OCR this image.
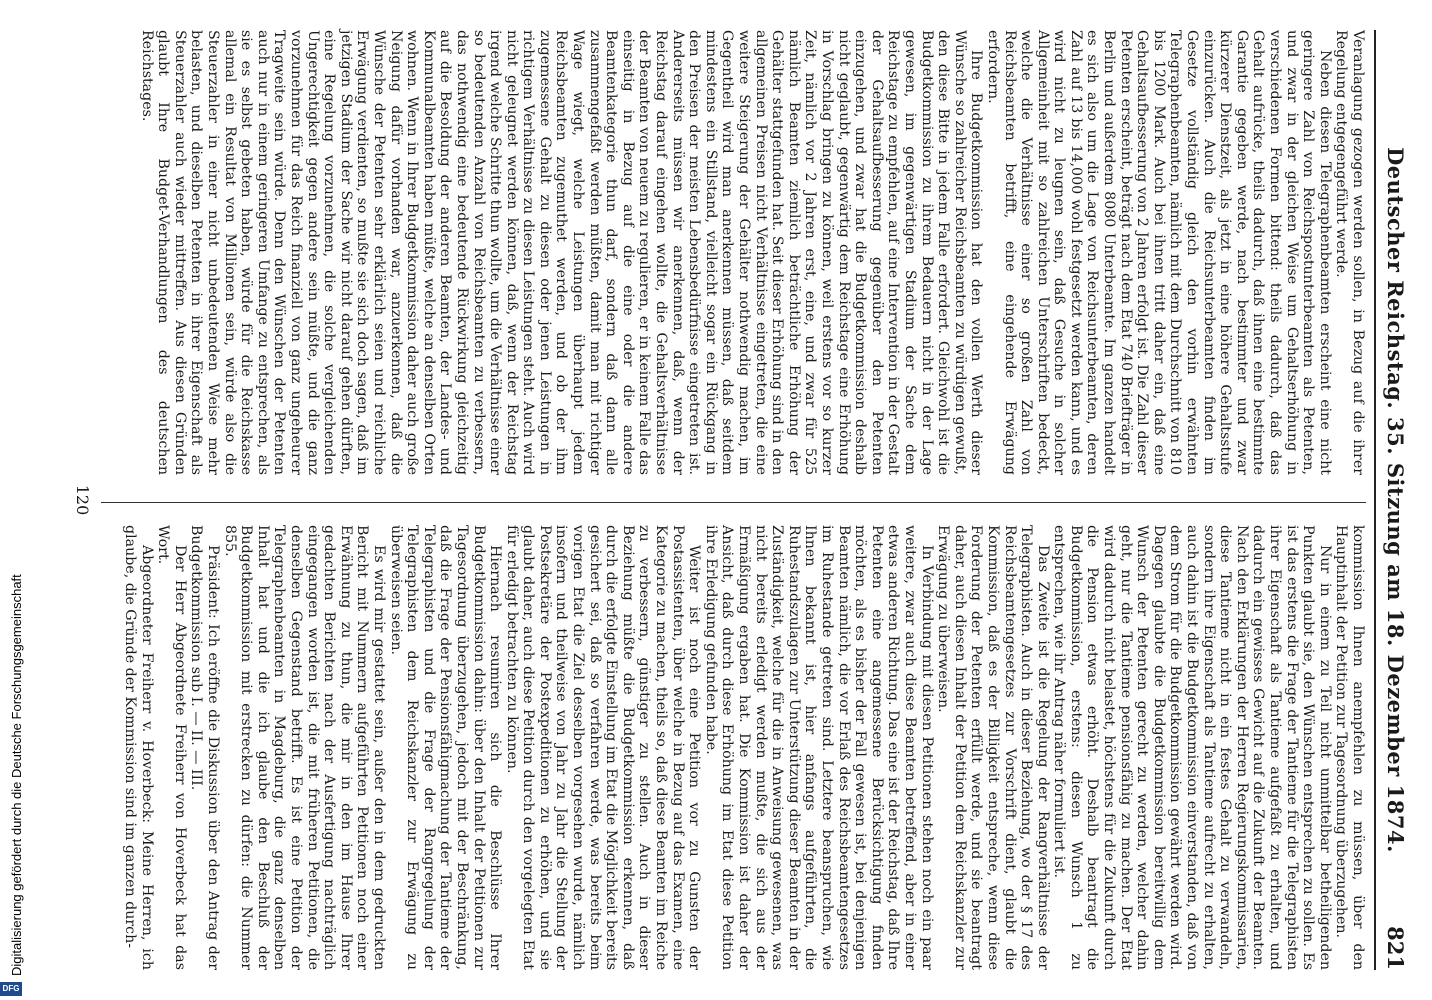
Deutscher Reichstag. 35. Sitzung am 18. Dezember 1874.
821

Veranlagung gezogen werden sollen, in Bezug auf die ihrer Regelung entgegengeführt werde.

Neben diesen Telegraphenbeamten erscheint eine nicht geringere Zahl von Reichspostunterbeamten als Petenten, und zwar in der gleichen Weise um Gehaltserhöhung in verschiedenen Formen bittend: theils dadurch, daß das Gehalt aufrücke, theils dadurch, daß ihnen eine bestimmte Garantie gegeben werde, nach bestimmter und zwar kürzerer Dienstzeit, als jetzt in eine höhere Gehaltsstufe einzurücken. Auch die Reichsunterbeamten finden im Gesetze vollständig gleich den vorhin erwähnten Telegraphenbeamten, nämlich mit dem Durchschnitt von 810 bis 1200 Mark. Auch bei ihnen tritt daher ein, daß eine Gehaltsaufbesserung von 2 Jahren erfolgt ist. Die Zahl dieser Petenten erscheint, beträgt nach dem Etat 740 Briefträger in Berlin und außerdem 8080 Unterbeamte. Im ganzen handelt es sich also um die Lage von Reichsunterbeamten, deren Zahl auf 13 bis 14,000 wohl festgesetzt werden kann, und es wird nicht zu leugnen sein, daß Gesuche in solcher Allgemeinheit mit so zahlreichen Unterschriften bedeckt, welche die Verhältnisse einer so großen Zahl von Reichsbeamten betrifft, eine eingehende Erwägung erfordern.

Ihre Budgetkommission hat den vollen Werth dieser Wünsche so zahlreicher Reichsbeamten zu würdigen gewußt, den diese Bitte in jedem Falle erfordert. Gleichwohl ist die Budgetkommission zu ihrem Bedauern nicht in der Lage gewesen, im gegenwärtigen Stadium der Sache dem Reichstage zu empfehlen, auf eine Intervention in der Gestalt der Gehaltsaufbesserung gegenüber den Petenten einzugehen, und zwar hat die Budgetkommission deshalb nicht geglaubt, gegenwärtig dem Reichstage eine Erhöhung in Vorschlag bringen zu können, weil erstens vor so kurzer Zeit, nämlich vor 2 Jahren erst, eine, und zwar für 525 nämlich Beamten ziemlich beträchtliche Erhöhung der Gehälter stattgefunden hat. Seit dieser Erhöhung sind in den allgemeinen Preisen nicht Verhältnisse eingetreten, die eine weitere Steigerung der Gehälter nothwendig machen, im Gegentheil wird man anerkennen müssen, daß seitdem mindestens ein Stillstand, vielleicht sogar ein Rückgang in den Preisen der meisten Lebensbedürfnisse eingetreten ist. Andererseits müssen wir anerkennen, daß, wenn der Reichstag darauf eingehen wollte, die Gehaltsverhältnisse der Beamten von neuem zu regulieren, er in keinem Falle das einseitig in Bezug auf die eine oder die andere Beamtenkategorie thun darf, sondern daß dann alle zusammengefaßt werden müßten, damit man mit richtiger Wage wiegt, welche Leistungen überhaupt jedem Reichsbeamten zugemuthet werden, und ob der ihm zugemessene Gehalt zu diesen oder jenen Leistungen in richtigem Verhältnisse zu diesen Leistungen steht. Auch wird nicht geleugnet werden können, daß, wenn der Reichstag irgend welche Schritte thun wollte, um die Verhältnisse einer so bedeutenden Anzahl von Reichsbeamten zu verbessern, das nothwendig eine bedeutende Rückwirkung gleichzeitig auf die Besoldung der anderen Beamten, der Landes- und Kommunalbeamten haben müßte, welche an denselben Orten wohnen. Wenn in Ihrer Budgetkommission daher auch große Neigung dafür vorhanden war, anzuerkennen, daß die Wünsche der Petenten sehr erklärlich seien und reichliche Erwägung verdienten, so mußte sie sich doch sagen, daß im jetzigen Stadium der Sache wir nicht darauf gehen dürften, eine Regelung vorzunehmen, die solche vergleichenden Ungerechtigkeit gegen andere sein müßte, und die ganz vorzunehmen für das Reich finanziell von ganz ungeheurer Tragweite sein würde. Denn den Wünschen der Petenten auch nur in einem geringeren Umfange zu entsprechen, als sie es selbst gebeten haben, würde für die Reichskasse allemal ein Resultat von Millionen sein, würde also die Steuerzahler in einer nicht unbedeutenden Weise mehr belasten, und dieselben Petenten in ihrer Eigenschaft als Steuerzahler auch wieder mittreffen. Aus diesen Gründen glaubt Ihre Budget-Verhandlungen des deutschen Reichstages.

kommission Ihnen anempfehlen zu müssen, über den Hauptinhalt der Petition zur Tagesordnung überzugehen.

Nur in einem zu Teil nicht unmittelbar betheiligenden Punkten glaubt sie, den Wünschen entsprechen zu sollen. Es ist das erstens die Frage der Tantieme für die Telegraphisten ihrer Eigenschaft als Tantieme aufgefaßt zu erhalten, und dadurch ein gewisses Gewicht auf die Zukunft der Beamten. Nach den Erklärungen der Herren Regierungskommissarien, diese Tantieme nicht in ein festes Gehalt zu verwandeln, sondern ihre Eigenschaft als Tantieme aufrecht zu erhalten, auch dahin ist die Budgetkommission einverstanden, daß von dem Strom für die Budgetkommission gewährt werden wird. Dagegen glaubte die Budgetkommission bereitwillig dem Wunsch der Petenten gerecht zu werden, welcher dahin geht, nur die Tantieme pensionsfähig zu machen. Der Etat wird dadurch nicht belastet, höchstens für die Zukunft durch die Pension etwas erhöht. Deshalb beantragt die Budgetkommission, erstens: diesen Wunsch 1 zu entsprechen, wie ihr Antrag näher formuliert ist.

Das Zweite ist die Regelung der Rangverhältnisse der Telegraphisten. Auch in dieser Beziehung, wo der § 17 des Reichsbeamtengesetzes zur Vorschrift dient, glaubt die Kommission, daß es der Billigkeit entspreche, wenn diese Forderung der Petenten erfüllt werde, und sie beantragt daher, auch diesen Inhalt der Petition dem Reichskanzler zur Erwägung zu überweisen.

In Verbindung mit diesen Petitionen stehen noch ein paar weitere, zwar auch diese Beamten betreffend, aber in einer etwas anderen Richtung. Das eine ist der Reichstag, daß Ihre Petenten eine angemessene Berücksichtigung finden möchten, als es bisher der Fall gewesen ist, bei denjenigen Beamten nämlich, die vor Erlaß des Reichsbeamtengesetzes im Ruhestande getreten sind. Letztere beanspruchen, wie Ihnen bekannt ist, hier anfangs aufgeführten, die Ruhestandszulagen zur Unterstützung dieser Beamten in der Zuständigkeit, welche für die in Anweisung gewesenen, was nicht bereits erledigt werden mußte, die sich aus der Ermäßigung ergaben hat. Die Kommission ist daher der Ansicht, daß durch diese Erhöhung im Etat diese Petition ihre Erledigung gefunden habe.

Weiter ist noch eine Petition vor zu Gunsten der Postassistenten, über welche in Bezug auf das Examen, eine Kategorie zu machen, theils so, daß diese Beamten im Reiche zu verbessern, günstiger zu stellen. Auch in dieser Beziehung müßte die Budgetkommission erkennen, daß durch die erfolgte Einstellung im Etat die Möglichkeit bereits gesichert sei, daß so verfahren werde, was bereits beim vorigen Etat die Ziel desselben vorgesehen wurde, nämlich insofern und theilweise von Jahr zu Jahr die Stellung der Postsekretäre der Postexpeditionen zu erhöhen, und sie glaubt daher, auch diese Petition durch den vorgelegten Etat für erledigt betrachten zu können.

Hiernach resumiren sich die Beschlüsse Ihrer Budgetkommission dahin: über den Inhalt der Petitionen zur Tagesordnung überzugehen, jedoch mit der Beschränkung, daß die Frage der Pensionsfähigmachung der Tantieme der Telegraphisten und die Frage der Rangregelung der Telegraphisten dem Reichskanzler zur Erwägung zu überweisen seien.

Es wird mir gestattet sein, außer den in dem gedruckten Bericht mit Nummern aufgeführten Petitionen noch einer Erwähnung zu thun, die mir in den im Hause Ihrer gedachten Berichten nach der Ausfertigung nachträglich eingegangen worden ist, die mit früheren Petitionen, die denselben Gegenstand betrifft. Es ist eine Petition der Telegraphenbeamten in Magdeburg, die ganz denselben Inhalt hat und die ich glaube den Beschluß der Budgetkommission mit erstrecken zu dürfen: die Nummer 855.

Präsident: Ich eröffne die Diskussion über den Antrag der Budgetkommission sub I. — II. — III.

Der Herr Abgeordnete Freiherr von Hoverbeck hat das Wort.

Abgeordneter Freiherr v. Hoverbeck: Meine Herren, ich glaube, die Gründe der Kommission sind im ganzen durch-

120
Digitalisierung gefördert durch die Deutsche Forschungsgemeinschaft
DFG
